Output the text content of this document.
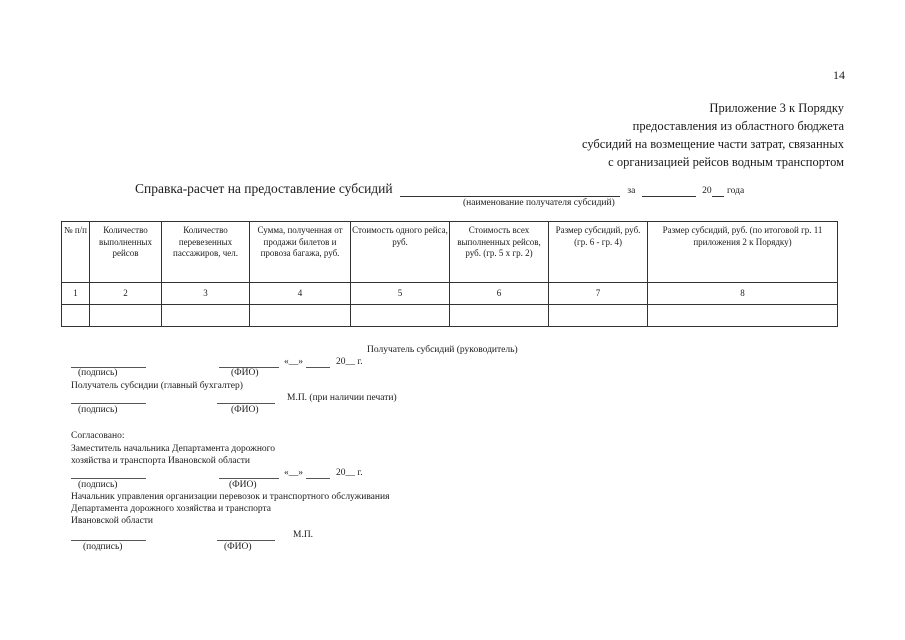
14
Приложение 3 к Порядку
предоставления из областного бюджета
субсидий на возмещение части затрат, связанных
с организацией рейсов водным транспортом
Справка-расчет на предоставление субсидий	за	20 года
(наименование получателя субсидий)
№ п/п	Количество выполненных рейсов	Количество перевезенных пассажиров, чел.	Сумма, полученная от продажи билетов и провоза багажа, руб.	Стоимость одного рейса, руб.	Стоимость всех выполненных рейсов, руб. (гр. 5 х гр. 2)	Размер субсидий, руб. (гр. 6 - гр. 4)	Размер субсидий, руб. (по итоговой гр. 11 приложения 2 к Порядку)
1	2	3	4	5	6	7	8

Получатель субсидий (руководитель)
«__»	20__ г.
(подпись)	(ФИО)
Получатель субсидии (главный бухгалтер)
М.П. (при наличии печати)
(подпись)	(ФИО)
Согласовано:
Заместитель начальника Департамента дорожного
хозяйства и транспорта Ивановской области
«__»	20__ г.
(подпись)	(ФИО)
Начальник управления организации перевозок и транспортного обслуживания
Департамента дорожного хозяйства и транспорта
Ивановской области
М.П.
(подпись)	(ФИО)
